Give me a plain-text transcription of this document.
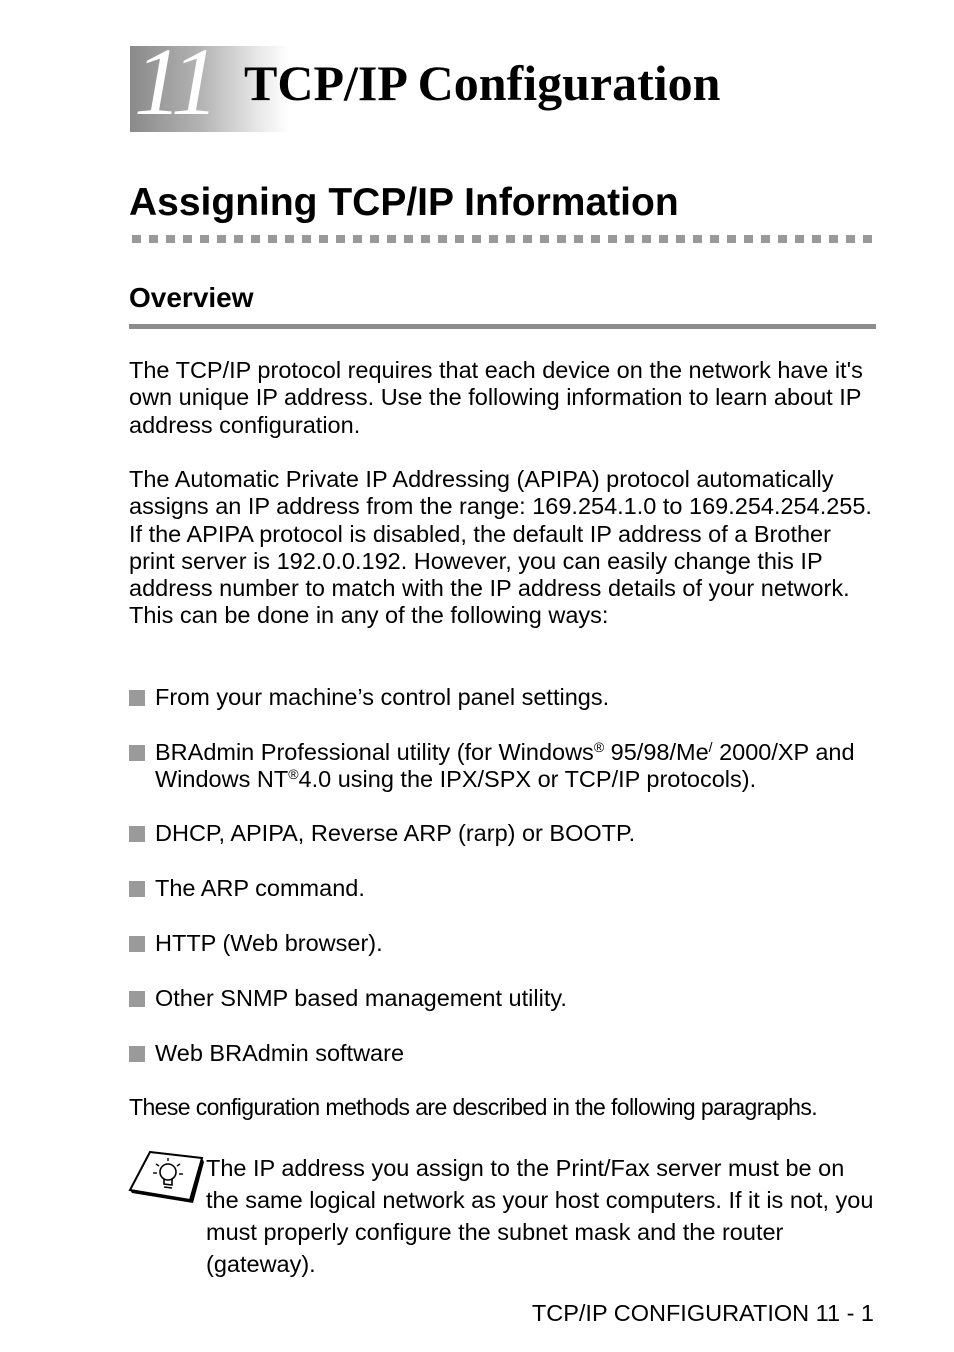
11 TCP/IP Configuration
Assigning TCP/IP Information
Overview
The TCP/IP protocol requires that each device on the network have it's own unique IP address. Use the following information to learn about IP address configuration.
The Automatic Private IP Addressing (APIPA) protocol automatically assigns an IP address from the range: 169.254.1.0 to 169.254.254.255. If the APIPA protocol is disabled, the default IP address of a Brother print server is 192.0.0.192. However, you can easily change this IP address number to match with the IP address details of your network. This can be done in any of the following ways:
From your machine’s control panel settings.
BRAdmin Professional utility (for Windows® 95/98/Me/ 2000/XP and Windows NT®4.0 using the IPX/SPX or TCP/IP protocols).
DHCP, APIPA, Reverse ARP (rarp) or BOOTP.
The ARP command.
HTTP (Web browser).
Other SNMP based management utility.
Web BRAdmin software
These configuration methods are described in the following paragraphs.
The IP address you assign to the Print/Fax server must be on the same logical network as your host computers. If it is not, you must properly configure the subnet mask and the router (gateway).
TCP/IP CONFIGURATION 11 - 1
